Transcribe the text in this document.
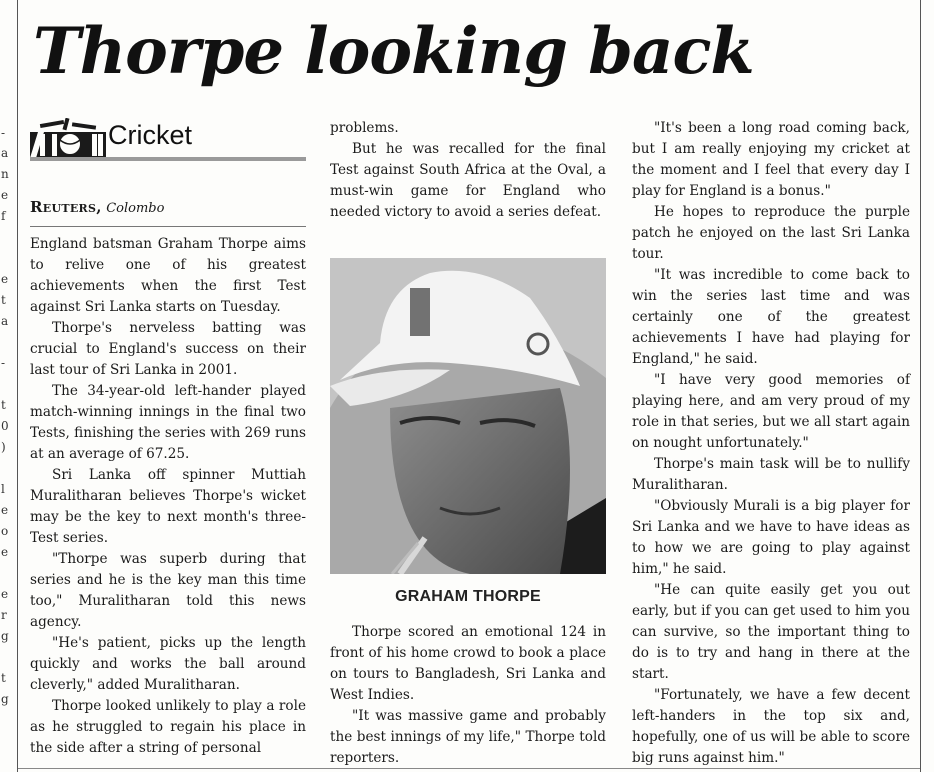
-
a
n
e
f
e
t
a
-
t
0
)
l
e
o
e
e
r
g
t
g
Thorpe looking back
Cricket
Reuters, Colombo

England batsman Graham Thorpe aims to relive one of his greatest achievements when the first Test against Sri Lanka starts on Tuesday.

Thorpe's nerveless batting was crucial to England's success on their last tour of Sri Lanka in 2001.

The 34-year-old left-hander played match-winning innings in the final two Tests, finishing the series with 269 runs at an average of 67.25.

Sri Lanka off spinner Muttiah Muralitharan believes Thorpe's wicket may be the key to next month's three-Test series.

"Thorpe was superb during that series and he is the key man this time too," Muralitharan told this news agency.

"He's patient, picks up the length quickly and works the ball around cleverly," added Muralitharan.

Thorpe looked unlikely to play a role as he struggled to regain his place in the side after a string of personal

problems.

But he was recalled for the final Test against South Africa at the Oval, a must-win game for England who needed victory to avoid a series defeat.

GRAHAM THORPE

Thorpe scored an emotional 124 in front of his home crowd to book a place on tours to Bangladesh, Sri Lanka and West Indies.

"It was massive game and probably the best innings of my life," Thorpe told reporters.

"It's been a long road coming back, but I am really enjoying my cricket at the moment and I feel that every day I play for England is a bonus."

He hopes to reproduce the purple patch he enjoyed on the last Sri Lanka tour.

"It was incredible to come back to win the series last time and was certainly one of the greatest achievements I have had playing for England," he said.

"I have very good memories of playing here, and am very proud of my role in that series, but we all start again on nought unfortunately."

Thorpe's main task will be to nullify Muralitharan.

"Obviously Murali is a big player for Sri Lanka and we have to have ideas as to how we are going to play against him," he said.

"He can quite easily get you out early, but if you can get used to him you can survive, so the important thing to do is to try and hang in there at the start.

"Fortunately, we have a few decent left-handers in the top six and, hopefully, one of us will be able to score big runs against him."
